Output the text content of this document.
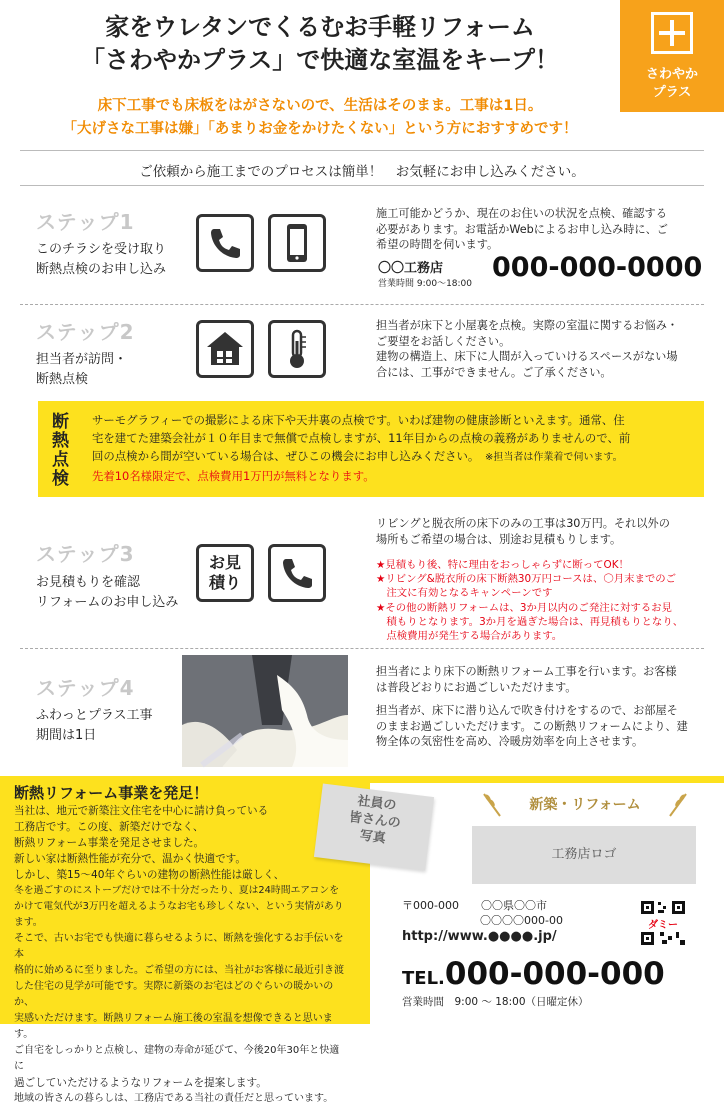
家をウレタンでくるむお手軽リフォーム
「さわやかプラス」で快適な室温をキープ！
さわやか
プラス
床下工事でも床板をはがさないので、生活はそのまま。工事は1日。
「大げさな工事は嫌」「あまりお金をかけたくない」という方におすすめです！
ご依頼から施工までのプロセスは簡単！　お気軽にお申し込みください。
ステップ1
このチラシを受け取り
断熱点検のお申し込み
施工可能かどうか、現在のお住いの状況を点検、確認する
必要があります。お電話かWebによるお申し込み時に、ご
希望の時間を伺います。
〇〇工務店
営業時間 9:00～18:00
000-000-0000
ステップ2
担当者が訪問・
断熱点検
担当者が床下と小屋裏を点検。実際の室温に関するお悩み・
ご要望をお話しください。
建物の構造上、床下に人間が入っていけるスペースがない場
合には、工事ができません。ご了承ください。
断
熱
点
検
サーモグラフィーでの撮影による床下や天井裏の点検です。いわば建物の健康診断といえます。通常、住
宅を建てた建築会社が１０年目まで無償で点検しますが、11年目からの点検の義務がありませんので、前
回の点検から間が空いている場合は、ぜひこの機会にお申し込みください。　 ※担当者は作業着で伺います。
先着10名様限定で、点検費用1万円が無料となります。
ステップ3
お見積もりを確認
リフォームのお申し込み
お見
積り
リビングと脱衣所の床下のみの工事は30万円。それ以外の
場所もご希望の場合は、別途お見積もりします。
★見積もり後、特に理由をおっしゃらずに断ってOK！
★リビング&脱衣所の床下断熱30万円コースは、〇月末までのご
　注文に有効となるキャンペーンです
★その他の断熱リフォームは、3か月以内のご発注に対するお見
　積もりとなります。3か月を過ぎた場合は、再見積もりとなり、
　点検費用が発生する場合があります。
ステップ4
ふわっとプラス工事
期間は1日
担当者により床下の断熱リフォーム工事を行います。お客様
は普段どおりにお過ごしいただけます。
担当者が、床下に潜り込んで吹き付けをするので、お部屋そ
のままお過ごしいただけます。この断熱リフォームにより、建
物全体の気密性を高め、冷暖房効率を向上させます。
断熱リフォーム事業を発足！
当社は、地元で新築注文住宅を中心に請け負っている
工務店です。この度、新築だけでなく、
断熱リフォーム事業を発足させました。
新しい家は断熱性能が充分で、温かく快適です。
しかし、築15～40年ぐらいの建物の断熱性能は厳しく、
冬を過ごすのにストーブだけでは不十分だったり、夏は24時間エアコンを
かけて電気代が3万円を超えるようなお宅も珍しくない、という実情があります。
そこで、古いお宅でも快適に暮らせるように、断熱を強化するお手伝いを本
格的に始めるに至りました。ご希望の方には、当社がお客様に最近引き渡
した住宅の見学が可能です。実際に新築のお宅はどのぐらいの暖かいのか、
実感いただけます。断熱リフォーム施工後の室温を想像できると思います。
ご自宅をしっかりと点検し、建物の寿命が延びて、今後20年30年と快適に
過ごしていただけるようなリフォームを提案します。
地域の皆さんの暮らしは、工務店である当社の責任だと思っています。
社員の
皆さんの
写真
新築・リフォーム
工務店ロゴ
〒000-000　　 〇〇県〇〇市
〇〇〇〇000-00
http://www.●●●●.jp/
ダミー
TEL.000-000-000
営業時間　9:00 ～ 18:00（日曜定休）
